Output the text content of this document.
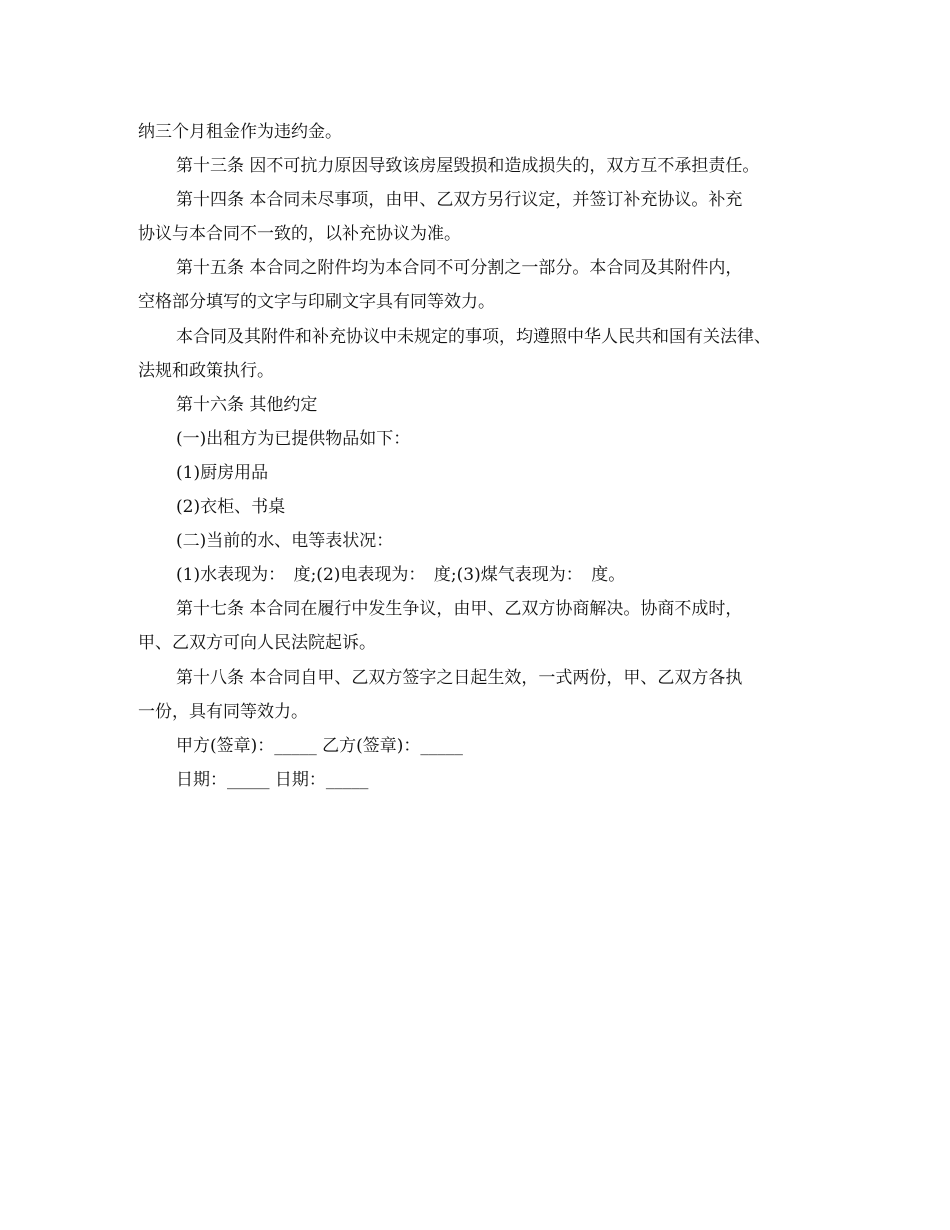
纳三个月租金作为违约金。
第十三条 因不可抗力原因导致该房屋毁损和造成损失的，双方互不承担责任。
第十四条 本合同未尽事项，由甲、乙双方另行议定，并签订补充协议。补充
协议与本合同不一致的，以补充协议为准。
第十五条 本合同之附件均为本合同不可分割之一部分。本合同及其附件内，
空格部分填写的文字与印刷文字具有同等效力。
本合同及其附件和补充协议中未规定的事项，均遵照中华人民共和国有关法律、
法规和政策执行。
第十六条 其他约定
(一)出租方为已提供物品如下：
(1)厨房用品
(2)衣柜、书桌
(二)当前的水、电等表状况：
(1)水表现为：　度;(2)电表现为：　度;(3)煤气表现为：　度。
第十七条 本合同在履行中发生争议，由甲、乙双方协商解决。协商不成时，
甲、乙双方可向人民法院起诉。
第十八条 本合同自甲、乙双方签字之日起生效，一式两份，甲、乙双方各执
一份，具有同等效力。
甲方(签章)：_____ 乙方(签章)：_____
日期：_____ 日期：_____
